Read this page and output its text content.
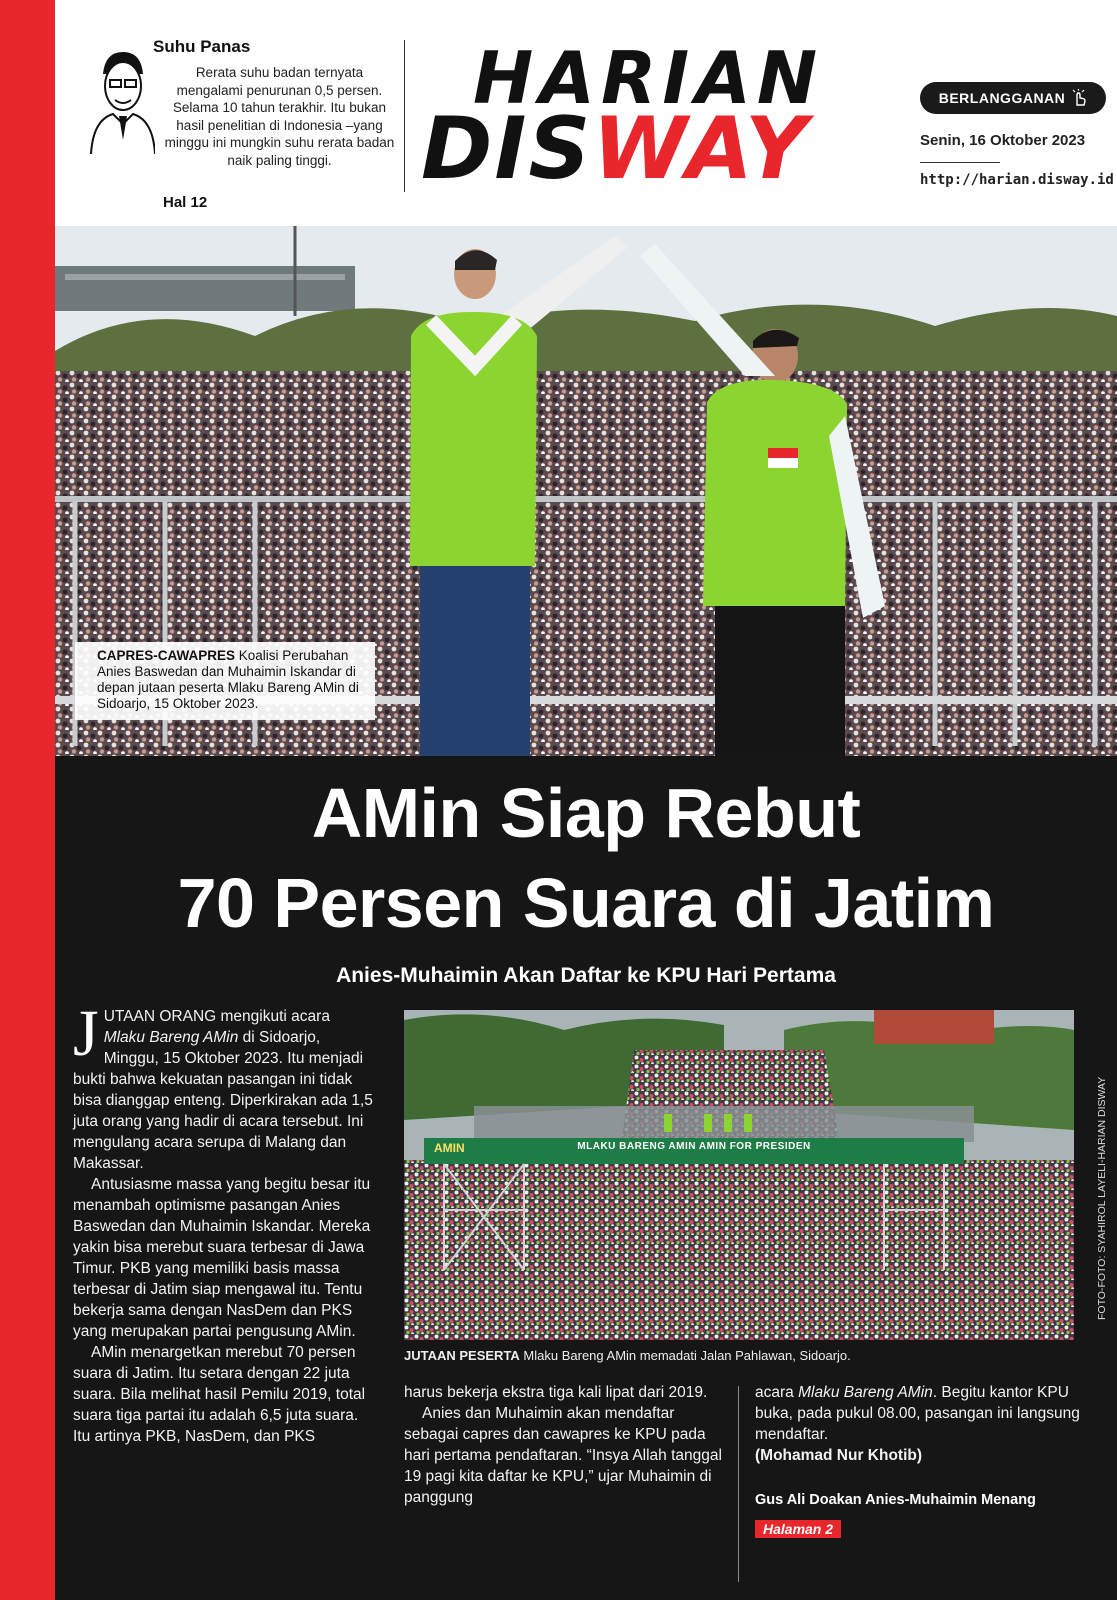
Suhu Panas
Rerata suhu badan ternyata mengalami penurunan 0,5 persen. Selama 10 tahun terakhir. Itu bukan hasil penelitian di Indonesia –yang minggu ini mungkin suhu rerata badan naik paling tinggi.
Hal 12
HARIAN
DISWAY
BERLANGGANAN
Senin, 16 Oktober 2023
http://harian.disway.id
CAPRES-CAWAPRES Koalisi Perubahan Anies Baswedan dan Muhaimin Iskandar di depan jutaan peserta Mlaku Bareng AMin di Sidoarjo, 15 Oktober 2023.
AMin Siap Rebut
70 Persen Suara di Jatim
Anies-Muhaimin Akan Daftar ke KPU Hari Pertama

JUTAAN ORANG mengikuti acara Mlaku Bareng AMin di Sidoarjo, Minggu, 15 Oktober 2023. Itu menjadi bukti bahwa kekuatan pasangan ini tidak bisa dianggap enteng. Diperkirakan ada 1,5 juta orang yang hadir di acara tersebut. Ini mengulang acara serupa di Malang dan Makassar.

Antusiasme massa yang begitu besar itu menambah optimisme pasangan Anies Baswedan dan Muhaimin Iskandar. Mereka yakin bisa merebut suara terbesar di Jawa Timur. PKB yang memiliki basis massa terbesar di Jatim siap mengawal itu. Tentu bekerja sama dengan NasDem dan PKS yang merupakan partai pengusung AMin.

AMin menargetkan merebut 70 persen suara di Jatim. Itu setara dengan 22 juta suara. Bila melihat hasil Pemilu 2019, total suara tiga partai itu adalah 6,5 juta suara. Itu artinya PKB, NasDem, dan PKS

MLAKU BARENG AMIN AMIN FOR PRESIDEN
AMIN	FOTO-FOTO: SYAHIROL LAYELI-HARIAN DISWAY
JUTAAN PESERTA Mlaku Bareng AMin memadati Jalan Pahlawan, Sidoarjo.

harus bekerja ekstra tiga kali lipat dari 2019.

Anies dan Muhaimin akan mendaftar sebagai capres dan cawapres ke KPU pada hari pertama pendaftaran. “Insya Allah tanggal 19 pagi kita daftar ke KPU,” ujar Muhaimin di panggung

acara Mlaku Bareng AMin. Begitu kantor KPU buka, pada pukul 08.00, pasangan ini langsung mendaftar.

(Mohamad Nur Khotib)

Gus Ali Doakan Anies-Muhaimin Menang
Halaman 2
